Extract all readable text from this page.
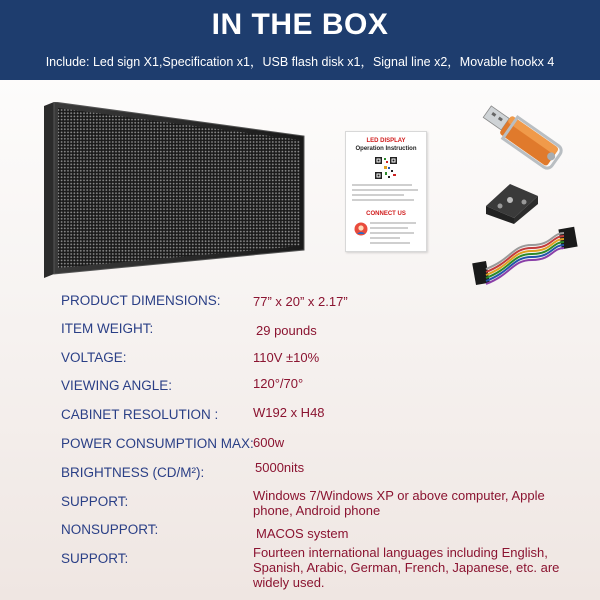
IN THE BOX
Include: Led sign X1,Specification x1，USB flash disk x1，Signal line x2，Movable hookx 4
LED DISPLAY
Operation Instruction
CONNECT US
PRODUCT DIMENSIONS: 77” x 20” x 2.17”
ITEM WEIGHT:	29 pounds
VOLTAGE:	110V ±10%
VIEWING ANGLE:	120°/70°
CABINET RESOLUTION :	W192 x H48
POWER CONSUMPTION MAX: 600w
BRIGHTNESS (CD/M²):	5000nits
SUPPORT:	Windows 7/Windows XP or above computer, Apple phone, Android phone
NONSUPPORT:	MACOS system
SUPPORT:	Fourteen international languages including English, Spanish, Arabic, German, French, Japanese, etc. are widely used.
